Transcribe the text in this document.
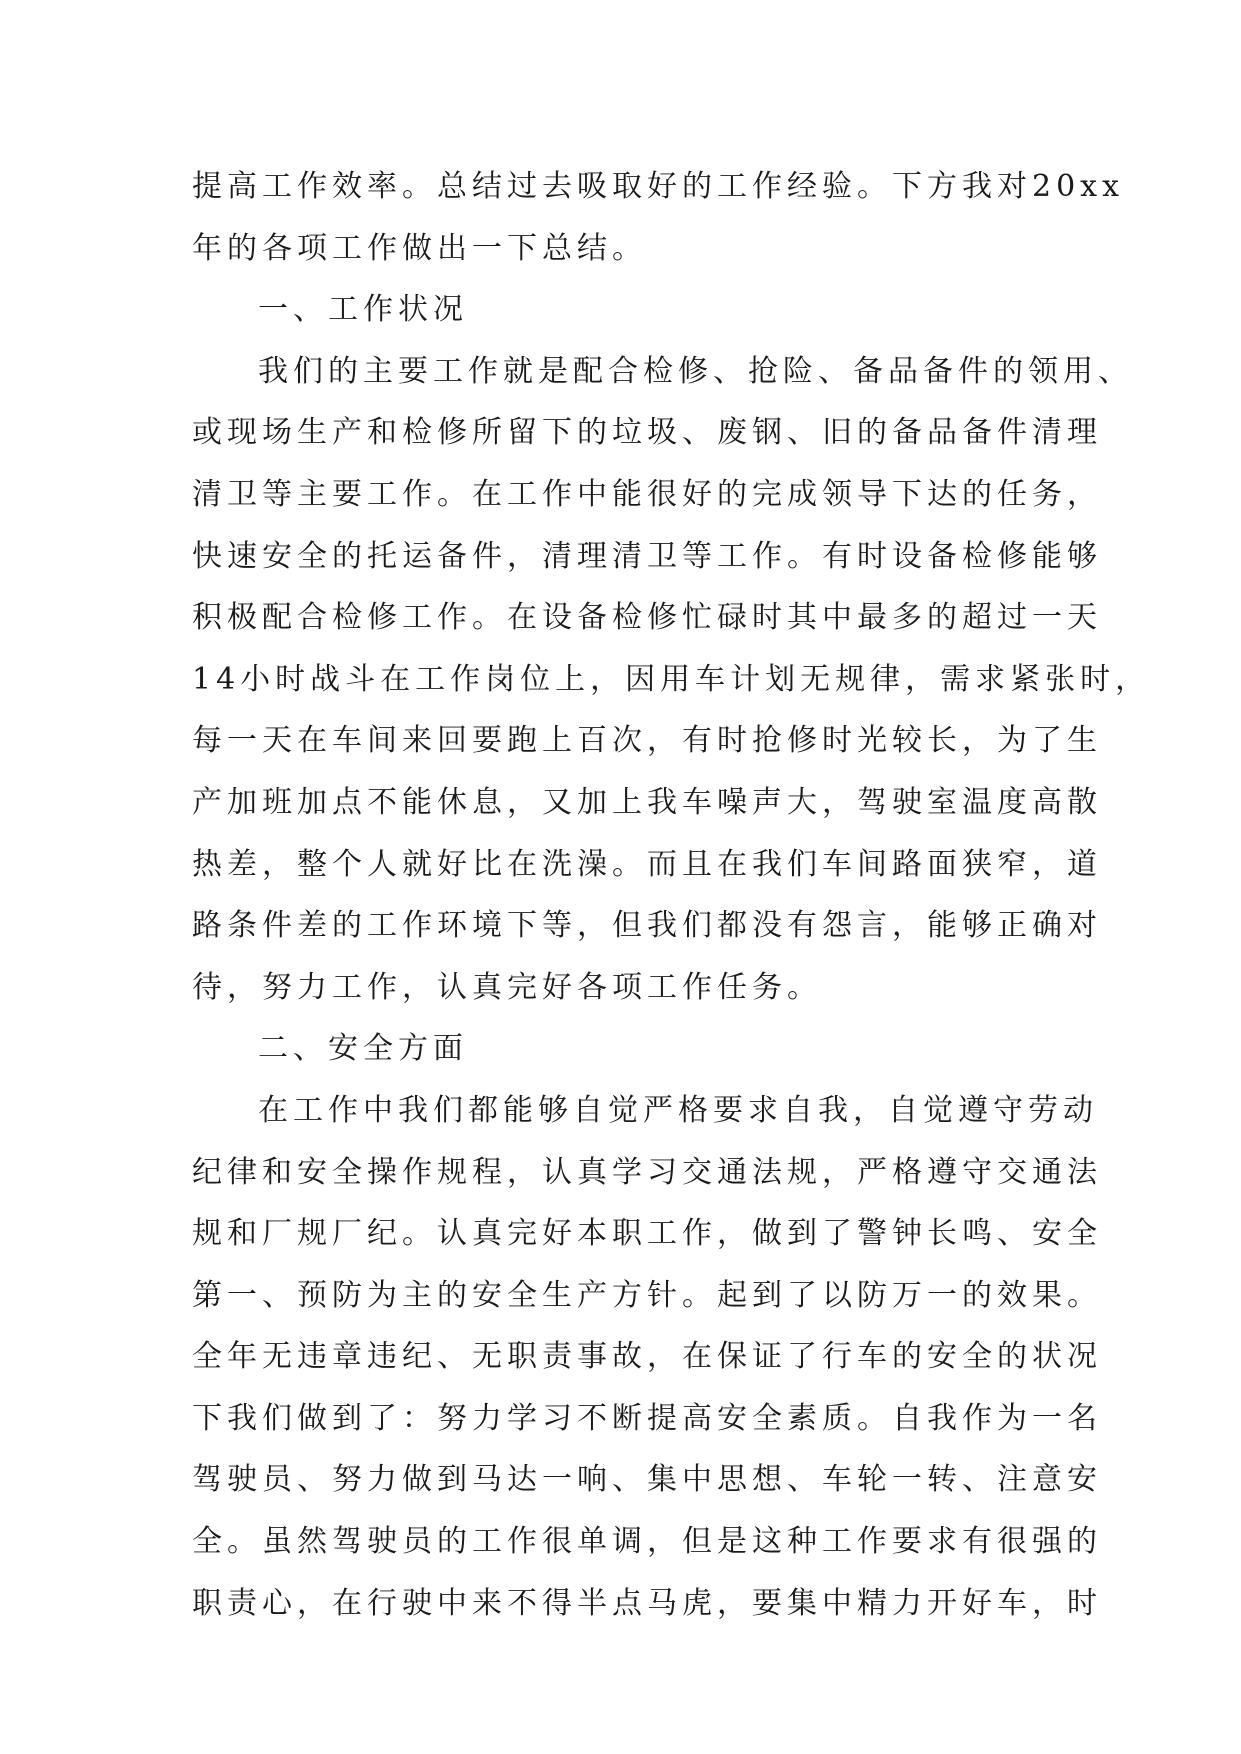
提高工作效率。总结过去吸取好的工作经验。下方我对20xx
年的各项工作做出一下总结。
一、工作状况
我们的主要工作就是配合检修、抢险、备品备件的领用、
或现场生产和检修所留下的垃圾、废钢、旧的备品备件清理
清卫等主要工作。在工作中能很好的完成领导下达的任务，
快速安全的托运备件，清理清卫等工作。有时设备检修能够
积极配合检修工作。在设备检修忙碌时其中最多的超过一天
14小时战斗在工作岗位上，因用车计划无规律，需求紧张时，
每一天在车间来回要跑上百次，有时抢修时光较长，为了生
产加班加点不能休息，又加上我车噪声大，驾驶室温度高散
热差，整个人就好比在洗澡。而且在我们车间路面狭窄，道
路条件差的工作环境下等，但我们都没有怨言，能够正确对
待，努力工作，认真完好各项工作任务。
二、安全方面
在工作中我们都能够自觉严格要求自我，自觉遵守劳动
纪律和安全操作规程，认真学习交通法规，严格遵守交通法
规和厂规厂纪。认真完好本职工作，做到了警钟长鸣、安全
第一、预防为主的安全生产方针。起到了以防万一的效果。
全年无违章违纪、无职责事故，在保证了行车的安全的状况
下我们做到了：努力学习不断提高安全素质。自我作为一名
驾驶员、努力做到马达一响、集中思想、车轮一转、注意安
全。虽然驾驶员的工作很单调，但是这种工作要求有很强的
职责心，在行驶中来不得半点马虎，要集中精力开好车，时
